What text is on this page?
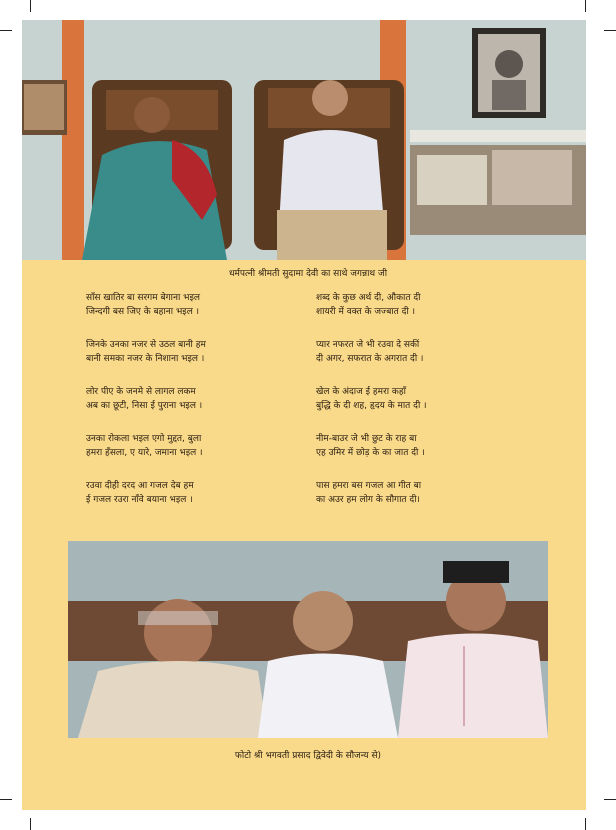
धर्मपत्नी श्रीमती सुदामा देवी का साथे जगन्नाथ जी

साँस खातिर बा सरगम बेगाना भइल
जिन्दगी बस जिए के बहाना भइल ।

जिनके उनका नजर से उठल बानी हम
बानी समका नजर के निशाना भइल ।

लोर पीए के जनमे से लागल लकम
अब का छूटी, निसा ई पुराना भइल ।

उनका रोकला भइल एगो मुद्दत, बुला
हमरा हँसला, ए यारे, जमाना भइल ।

रउवा दीही दरद आ गजल देब हम
ई गजल रउरा नाँवे बयाना भइल ।

शब्द के कुछ अर्थ दी, औकात दी
शायरी में वक्त के जज्बात दी ।

प्यार नफरत जे भी रउवा दे सकीं
दी अगर, सफरात के अगरात दी ।

खेल के अंदाज ई हमरा कहाँ
बुद्धि के दी शह, हृदय के मात दी ।

नीम-बाउर जे भी छुट के राह बा
एह उमिर में छोड़ के का जात दी ।

पास हमरा बस गजल आ गीत बा
का अउर हम लोग के सौगात दी।

फोटो श्री भगवती प्रसाद द्विवेदी के सौजन्य से)
